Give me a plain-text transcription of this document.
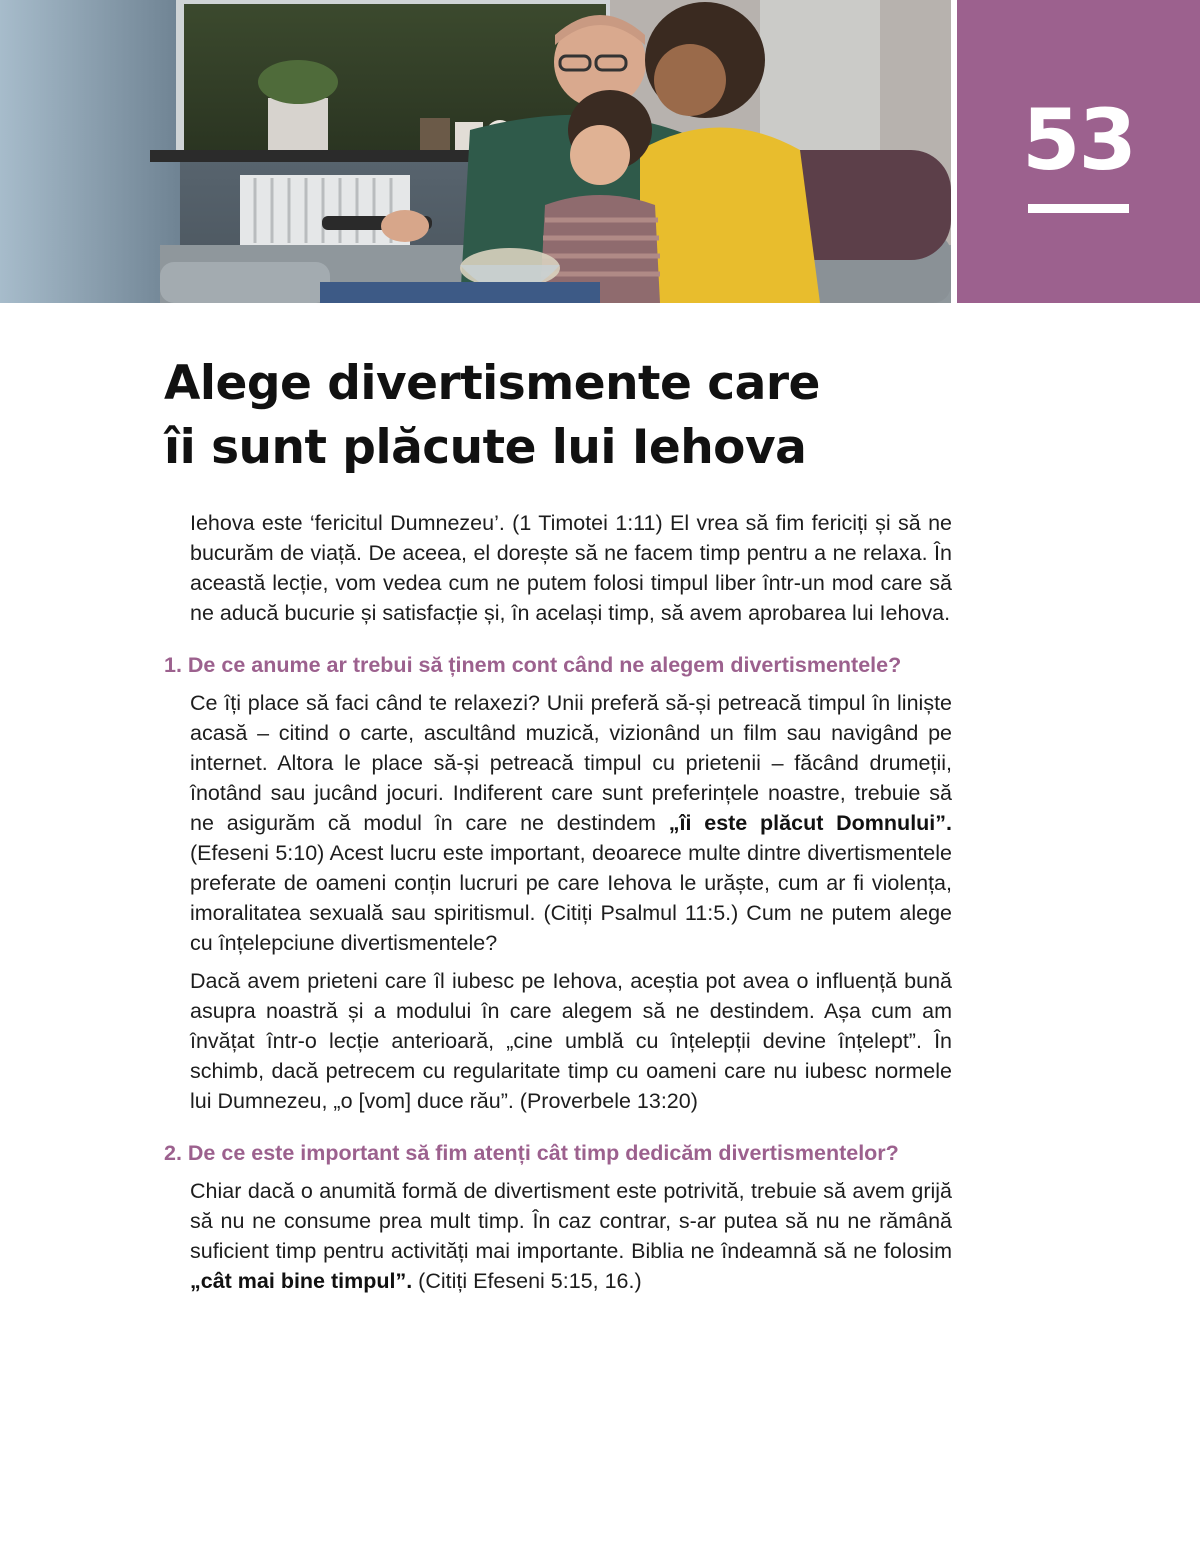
53
Alege divertismente care
îi sunt plăcute lui Iehova

Iehova este ‘fericitul Dumnezeu’. (1 Timotei 1:11) El vrea să fim fericiți și să ne bucurăm de viață. De aceea, el dorește să ne facem timp pentru a ne relaxa. În această lecție, vom vedea cum ne putem folosi timpul liber într-un mod care să ne aducă bucurie și satisfacție și, în același timp, să avem aprobarea lui Iehova.

1. De ce anume ar trebui să ținem cont când ne alegem divertismentele?

Ce îți place să faci când te relaxezi? Unii preferă să-și petreacă timpul în liniște acasă – citind o carte, ascultând muzică, vizionând un film sau navigând pe internet. Altora le place să-și petreacă timpul cu prietenii – făcând drumeții, înotând sau jucând jocuri. Indiferent care sunt preferințele noastre, trebuie să ne asigurăm că modul în care ne destindem „îi este plăcut Domnului”. (Efeseni 5:10) Acest lucru este important, deoarece multe dintre divertismentele preferate de oameni conțin lucruri pe care Iehova le urăște, cum ar fi violența, imoralitatea sexuală sau spiritismul. (Citiți Psalmul 11:5.) Cum ne putem alege cu înțelepciune divertismentele?

Dacă avem prieteni care îl iubesc pe Iehova, aceștia pot avea o influență bună asupra noastră și a modului în care alegem să ne destindem. Așa cum am învățat într-o lecție anterioară, „cine umblă cu înțelepții devine înțelept”. În schimb, dacă petrecem cu regularitate timp cu oameni care nu iubesc normele lui Dumnezeu, „o [vom] duce rău”. (Proverbele 13:20)

2. De ce este important să fim atenți cât timp dedicăm divertismentelor?

Chiar dacă o anumită formă de divertisment este potrivită, trebuie să avem grijă să nu ne consume prea mult timp. În caz contrar, s-ar putea să nu ne rămână suficient timp pentru activități mai importante. Biblia ne îndeamnă să ne folosim „cât mai bine timpul”. (Citiți Efeseni 5:15, 16.)
